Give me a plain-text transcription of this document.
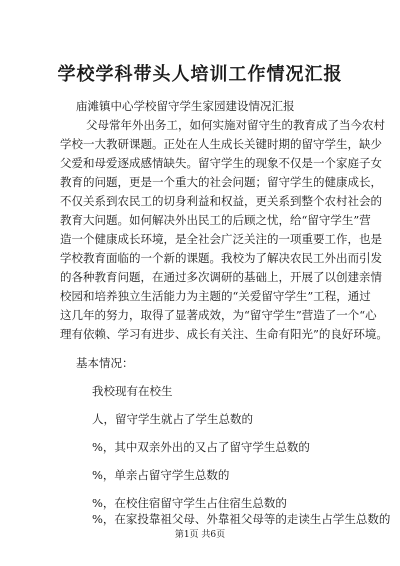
学校学科带头人培训工作情况汇报
庙滩镇中心学校留守学生家园建设情况汇报
父母常年外出务工，如何实施对留守生的教育成了当今农村
学校一大教研课题。正处在人生成长关键时期的留守学生，缺少
父爱和母爱逐成感情缺失。留守学生的现象不仅是一个家庭子女
教育的问题，更是一个重大的社会问题；留守学生的健康成长，
不仅关系到农民工的切身利益和权益，更关系到整个农村社会的
教育大问题。如何解决外出民工的后顾之忧，给“留守学生”营
造一个健康成长环境，是全社会广泛关注的一项重要工作，也是
学校教育面临的一个新的课题。我校为了解决农民工外出而引发
的各种教育问题，在通过多次调研的基础上，开展了以创建亲情
校园和培养独立生活能力为主题的“关爱留守学生”工程，通过
这几年的努力，取得了显著成效，为“留守学生”营造了一个“心
理有依赖、学习有进步、成长有关注、生命有阳光”的良好环境。
基本情况：
我校现有在校生
人，留守学生就占了学生总数的
%，其中双亲外出的又占了留守学生总数的
%，单亲占留守学生总数的
%，在校住宿留守学生占住宿生总数的
%，在家投靠祖父母、外靠祖父母等的走读生占学生总数的
第1页 共6页
